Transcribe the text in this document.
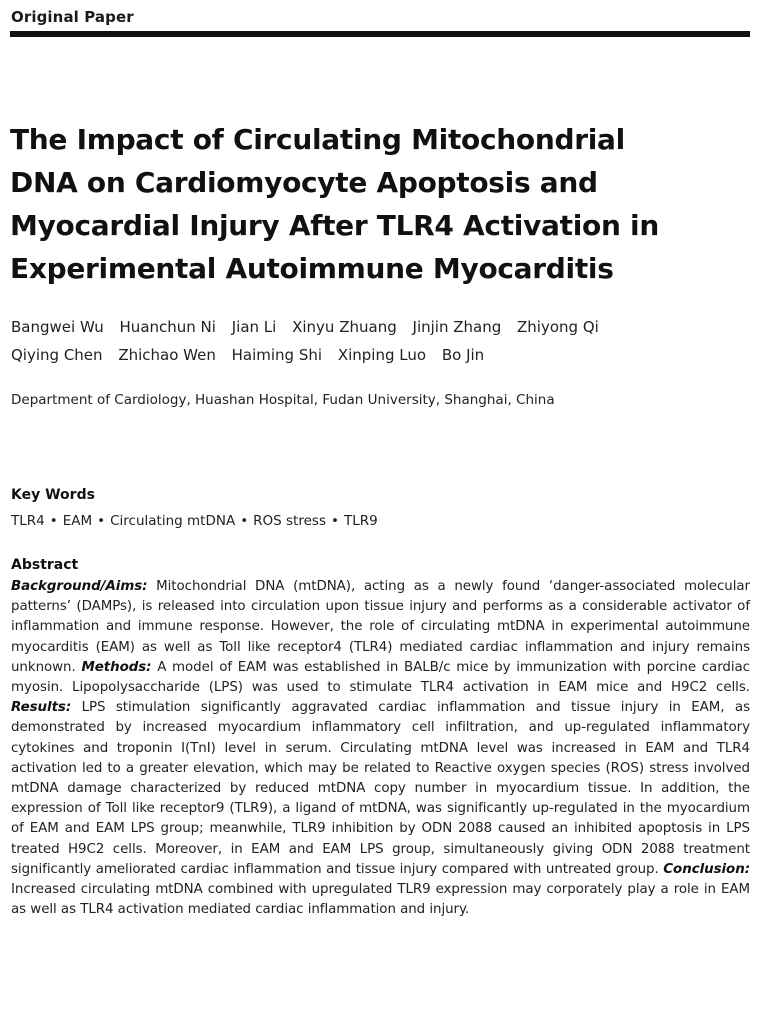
Original Paper
The Impact of Circulating Mitochondrial
DNA on Cardiomyocyte Apoptosis and
Myocardial Injury After TLR4 Activation in
Experimental Autoimmune Myocarditis
Bangwei Wu Huanchun Ni Jian Li Xinyu Zhuang Jinjin Zhang Zhiyong Qi
Qiying Chen Zhichao Wen Haiming Shi Xinping Luo Bo Jin
Department of Cardiology, Huashan Hospital, Fudan University, Shanghai, China
Key Words
TLR4 • EAM • Circulating mtDNA • ROS stress • TLR9
Abstract

Background/Aims: Mitochondrial DNA (mtDNA), acting as a newly found ‘danger-associated molecular patterns’ (DAMPs), is released into circulation upon tissue injury and performs as a considerable activator of inflammation and immune response. However, the role of circulating mtDNA in experimental autoimmune myocarditis (EAM) as well as Toll like receptor4 (TLR4) mediated cardiac inflammation and injury remains unknown. Methods: A model of EAM was established in BALB/c mice by immunization with porcine cardiac myosin. Lipopolysaccharide (LPS) was used to stimulate TLR4 activation in EAM mice and H9C2 cells. Results: LPS stimulation significantly aggravated cardiac inflammation and tissue injury in EAM, as demonstrated by increased myocardium inflammatory cell infiltration, and up-regulated inflammatory cytokines and troponin I(TnI) level in serum. Circulating mtDNA level was increased in EAM and TLR4 activation led to a greater elevation, which may be related to Reactive oxygen species (ROS) stress involved mtDNA damage characterized by reduced mtDNA copy number in myocardium tissue. In addition, the expression of Toll like receptor9 (TLR9), a ligand of mtDNA, was significantly up-regulated in the myocardium of EAM and EAM LPS group; meanwhile, TLR9 inhibition by ODN 2088 caused an inhibited apoptosis in LPS treated H9C2 cells. Moreover, in EAM and EAM LPS group, simultaneously giving ODN 2088 treatment significantly ameliorated cardiac inflammation and tissue injury compared with untreated group. Conclusion: Increased circulating mtDNA combined with upregulated TLR9 expression may corporately play a role in EAM as well as TLR4 activation mediated cardiac inflammation and injury.
